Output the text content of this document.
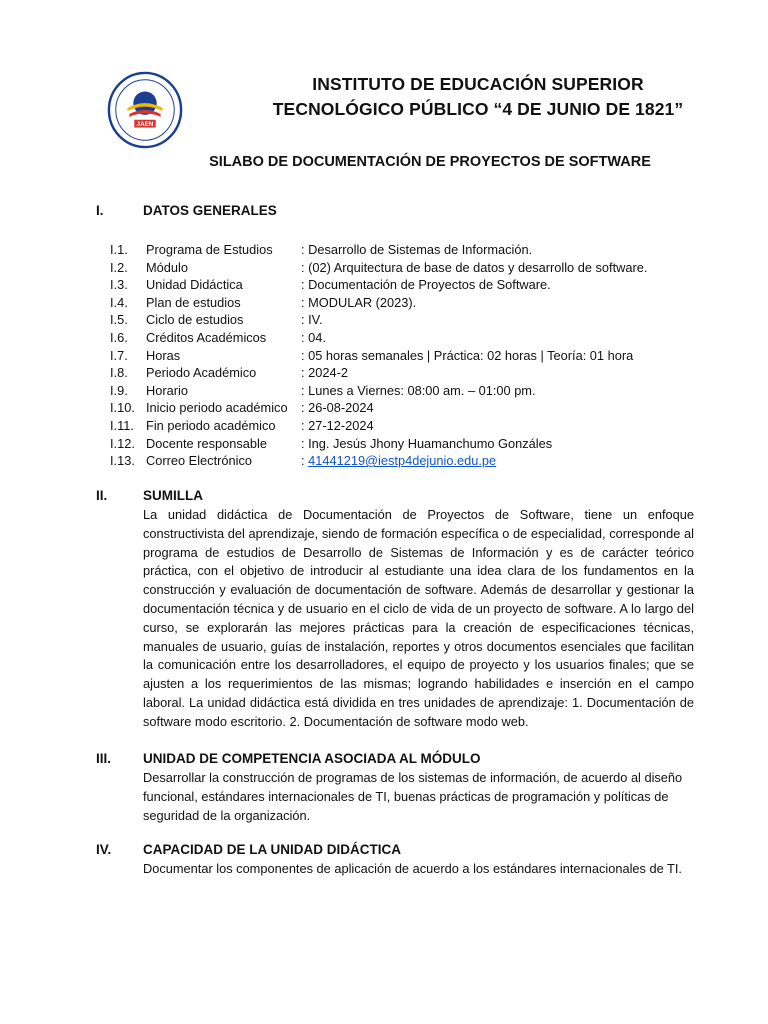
JAEN
INSTITUTO DE EDUCACIÓN SUPERIOR
TECNOLÓGICO PÚBLICO “4 DE JUNIO DE 1821”
SILABO DE DOCUMENTACIÓN DE PROYECTOS DE SOFTWARE
I.	DATOS GENERALES
I.1.	Programa de Estudios	: Desarrollo de Sistemas de Información.
I.2.	Módulo	: (02) Arquitectura de base de datos y desarrollo de software.
I.3.	Unidad Didáctica	: Documentación de Proyectos de Software.
I.4.	Plan de estudios	: MODULAR (2023).
I.5.	Ciclo de estudios	: IV.
I.6.	Créditos Académicos	: 04.
I.7.	Horas	: 05 horas semanales | Práctica: 02 horas | Teoría: 01 hora
I.8.	Periodo Académico	: 2024-2
I.9.	Horario	: Lunes a Viernes: 08:00 am. – 01:00 pm.
I.10. Inicio periodo académico	: 26-08-2024
I.11. Fin periodo académico	: 27-12-2024
I.12. Docente responsable	: Ing. Jesús Jhony Huamanchumo Gonzáles
I.13. Correo Electrónico	: 41441219@iestp4dejunio.edu.pe
II.	SUMILLA
La unidad didáctica de Documentación de Proyectos de Software, tiene un enfoque constructivista del aprendizaje, siendo de formación específica o de especialidad, corresponde al programa de estudios de Desarrollo de Sistemas de Información y es de carácter teórico práctica, con el objetivo de introducir al estudiante una idea clara de los fundamentos en la construcción y evaluación de documentación de software. Además de desarrollar y gestionar la documentación técnica y de usuario en el ciclo de vida de un proyecto de software. A lo largo del curso, se explorarán las mejores prácticas para la creación de especificaciones técnicas, manuales de usuario, guías de instalación, reportes y otros documentos esenciales que facilitan la comunicación entre los desarrolladores, el equipo de proyecto y los usuarios finales; que se ajusten a los requerimientos de las mismas; logrando habilidades e inserción en el campo laboral. La unidad didáctica está dividida en tres unidades de aprendizaje: 1. Documentación de software modo escritorio. 2. Documentación de software modo web.
III. UNIDAD DE COMPETENCIA ASOCIADA AL MÓDULO
Desarrollar la construcción de programas de los sistemas de información, de acuerdo al diseño funcional, estándares internacionales de TI, buenas prácticas de programación y políticas de seguridad de la organización.
IV. CAPACIDAD DE LA UNIDAD DIDÁCTICA
Documentar los componentes de aplicación de acuerdo a los estándares internacionales de TI.
